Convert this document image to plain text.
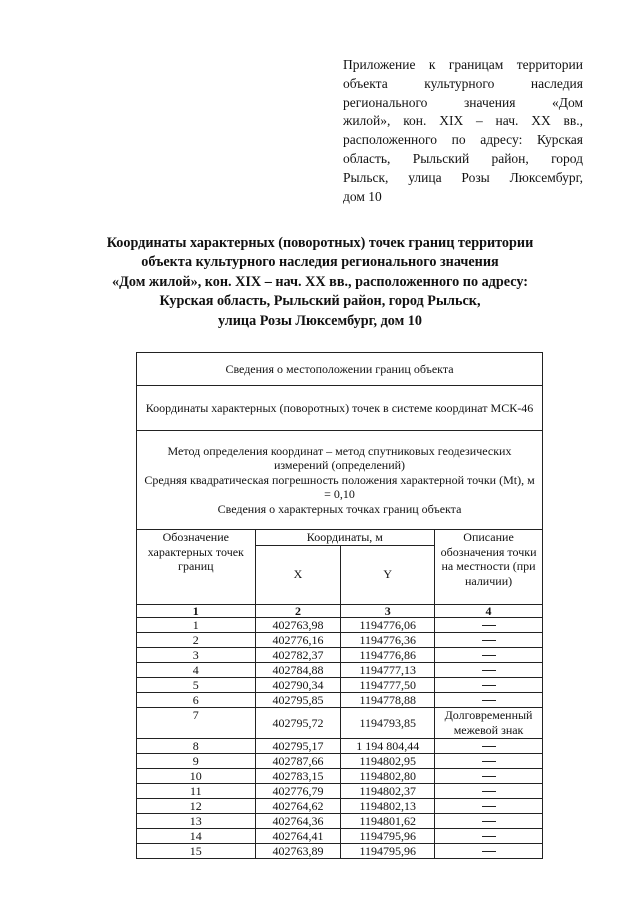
Приложение к границам территории
объекта культурного наследия
регионального значения «Дом
жилой», кон. XIX – нач. XX вв.,
расположенного по адресу: Курская
область, Рыльский район, город
Рыльск, улица Розы Люксембург,
дом 10
Координаты характерных (поворотных) точек границ территории
объекта культурного наследия регионального значения
«Дом жилой», кон. XIX – нач. XX вв., расположенного по адресу:
Курская область, Рыльский район, город Рыльск,
улица Розы Люксембург, дом 10
Сведения о местоположении границ объекта			
Координаты характерных (поворотных) точек в системе координат МСК-46			

Метод определения координат – метод спутниковых геодезических измерений (определений)
Средняя квадратическая погрешность положения характерной точки (Mt), м = 0,10
Сведения о характерных точках границ объекта			

Обозначение характерных точек границ	Координаты, м		Описание обозначения точки на местности (при наличии)
	X	Y	
1	2	3	4
1	402763,98	1194776,06	
2	402776,16	1194776,36	
3	402782,37	1194776,86	
4	402784,88	1194777,13	
5	402790,34	1194777,50	
6	402795,85	1194778,88	
7	402795,72	1194793,85	Долговременный межевой знак
8	402795,17	1 194 804,44	
9	402787,66	1194802,95	
10	402783,15	1194802,80	
11	402776,79	1194802,37	
12	402764,62	1194802,13	
13	402764,36	1194801,62	
14	402764,41	1194795,96	
15	402763,89	1194795,96	
